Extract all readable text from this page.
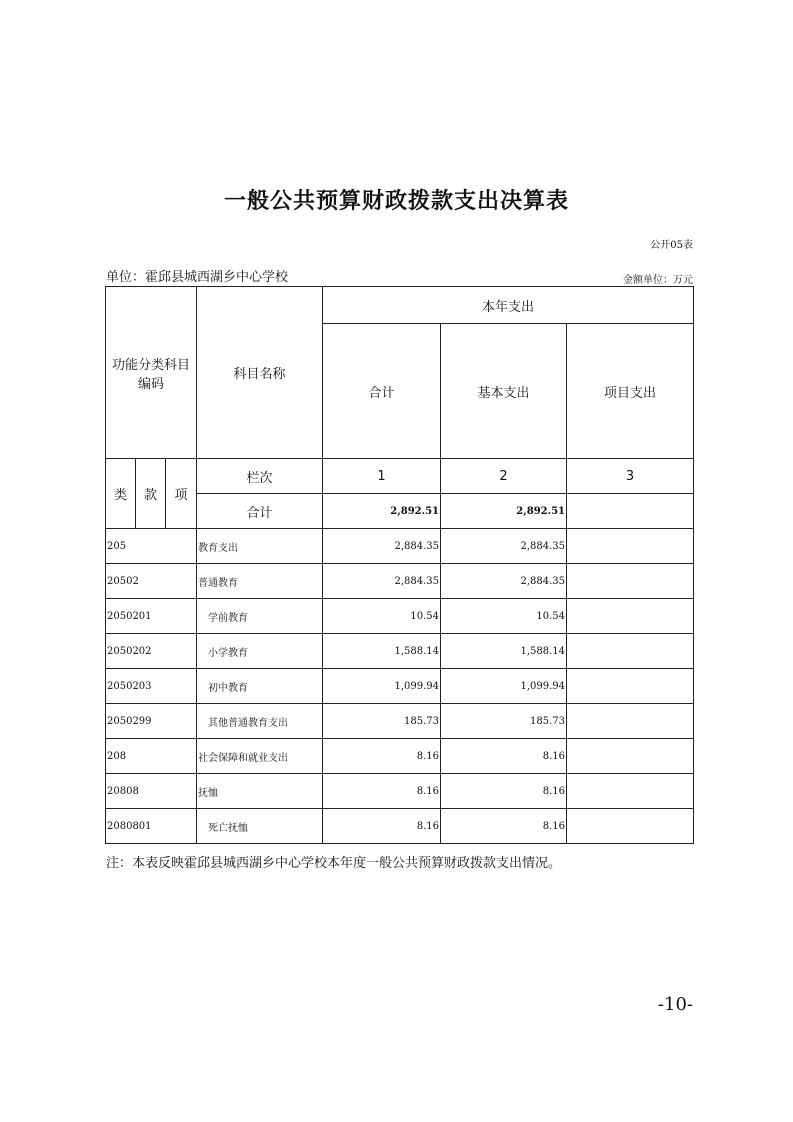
一般公共预算财政拨款支出决算表
公开05表
单位：霍邱县城西湖乡中心学校	金额单位：万元
功能分类科目编码			科目名称	本年支出		
				合计	基本支出	项目支出
类	款	项	栏次	1	2	3
			合计	2,892.51	2,892.51	
205			教育支出	2,884.35	2,884.35	
20502			普通教育	2,884.35	2,884.35	
2050201			学前教育	10.54	10.54	
2050202			小学教育	1,588.14	1,588.14	
2050203			初中教育	1,099.94	1,099.94	
2050299			其他普通教育支出	185.73	185.73	
208			社会保障和就业支出	8.16	8.16	
20808			抚恤	8.16	8.16	
2080801			死亡抚恤	8.16	8.16	
注：本表反映霍邱县城西湖乡中心学校本年度一般公共预算财政拨款支出情况。
-10-
